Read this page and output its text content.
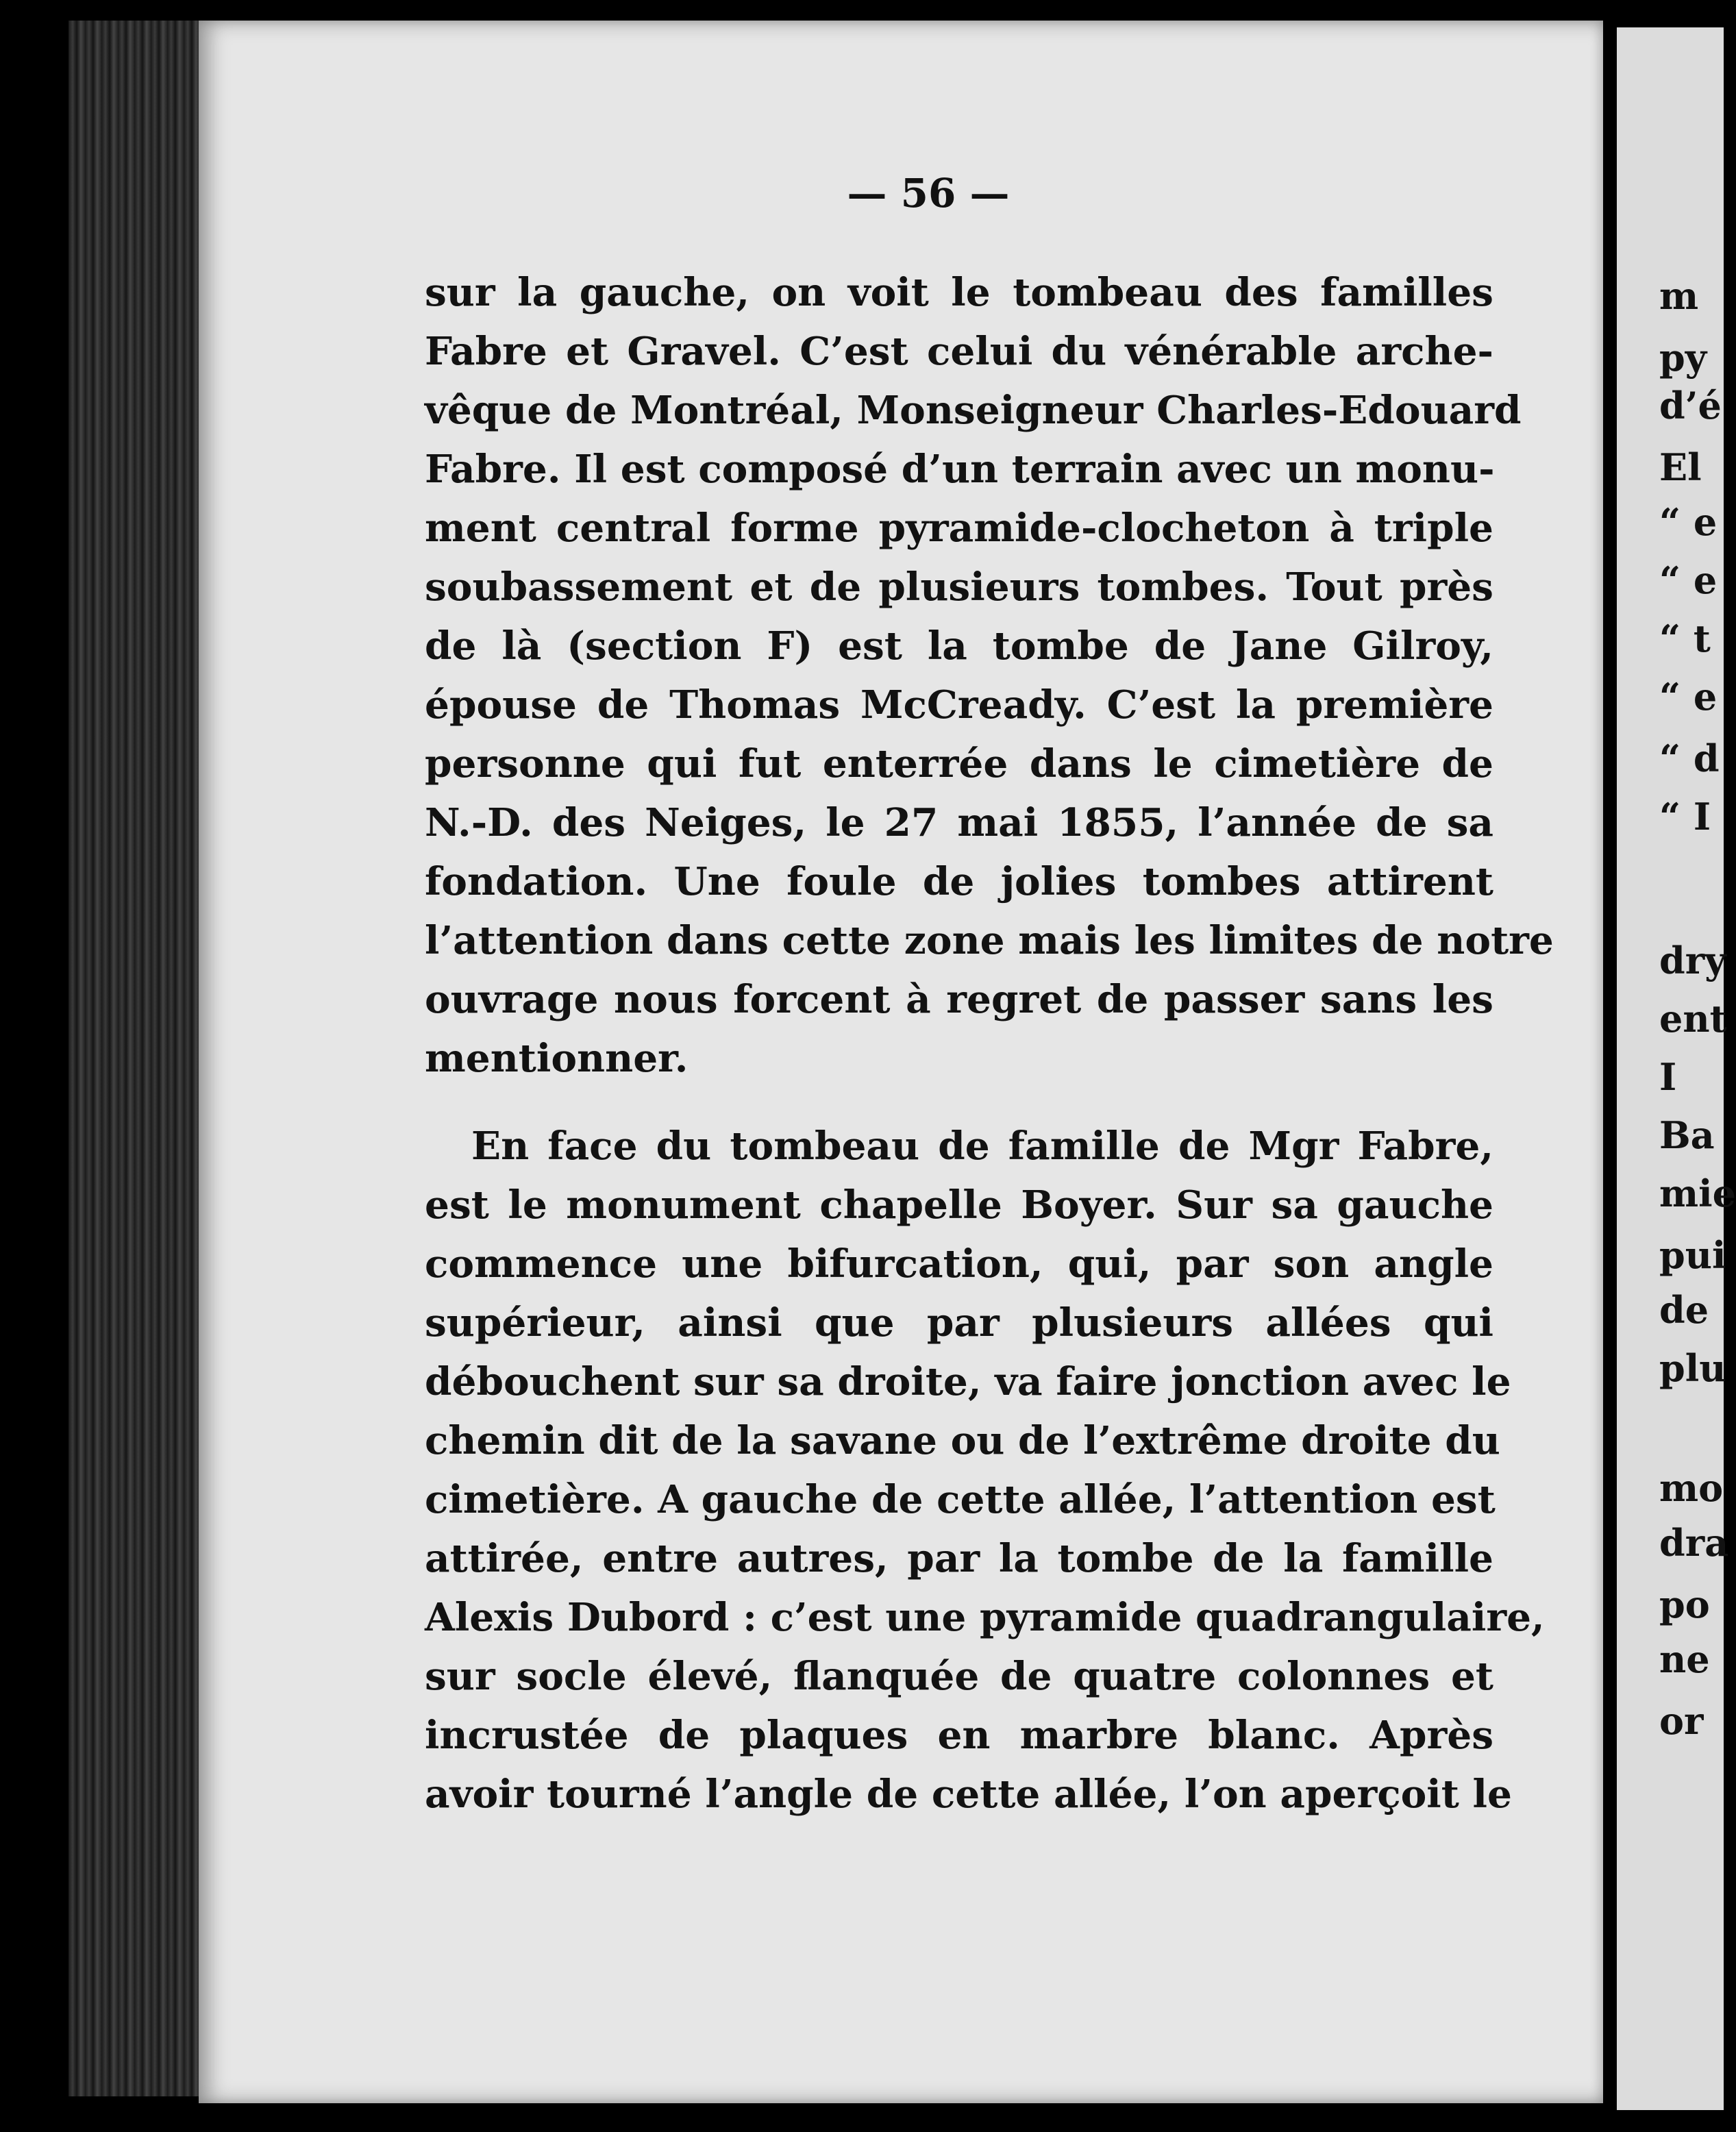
— 56 —
sur la gauche, on voit le tombeau des familles
Fabre et Gravel. C’est celui du vénérable arche-
vêque de Montréal, Monseigneur Charles-Edouard
Fabre. Il est composé d’un terrain avec un monu-
ment central forme pyramide-clocheton à triple
soubassement et de plusieurs tombes. Tout près
de là (section F) est la tombe de Jane Gilroy,
épouse de Thomas McCready. C’est la première
personne qui fut enterrée dans le cimetière de
N.-D. des Neiges, le 27 mai 1855, l’année de sa
fondation. Une foule de jolies tombes attirent
l’attention dans cette zone mais les limites de notre
ouvrage nous forcent à regret de passer sans les
mentionner.
En face du tombeau de famille de Mgr Fabre,
est le monument chapelle Boyer. Sur sa gauche
commence une bifurcation, qui, par son angle
supérieur, ainsi que par plusieurs allées qui
débouchent sur sa droite, va faire jonction avec le
chemin dit de la savane ou de l’extrême droite du
cimetière. A gauche de cette allée, l’attention est
attirée, entre autres, par la tombe de la famille
Alexis Dubord : c’est une pyramide quadrangulaire,
sur socle élevé, flanquée de quatre colonnes et
incrustée de plaques en marbre blanc. Après
avoir tourné l’angle de cette allée, l’on aperçoit le
m
py
d’é
El
“ e
“ e
“ t
“ e
“ d
“ I
dry
ent
I
Ba
mie
pui
de
plu
mo
dra
po
ne
or
